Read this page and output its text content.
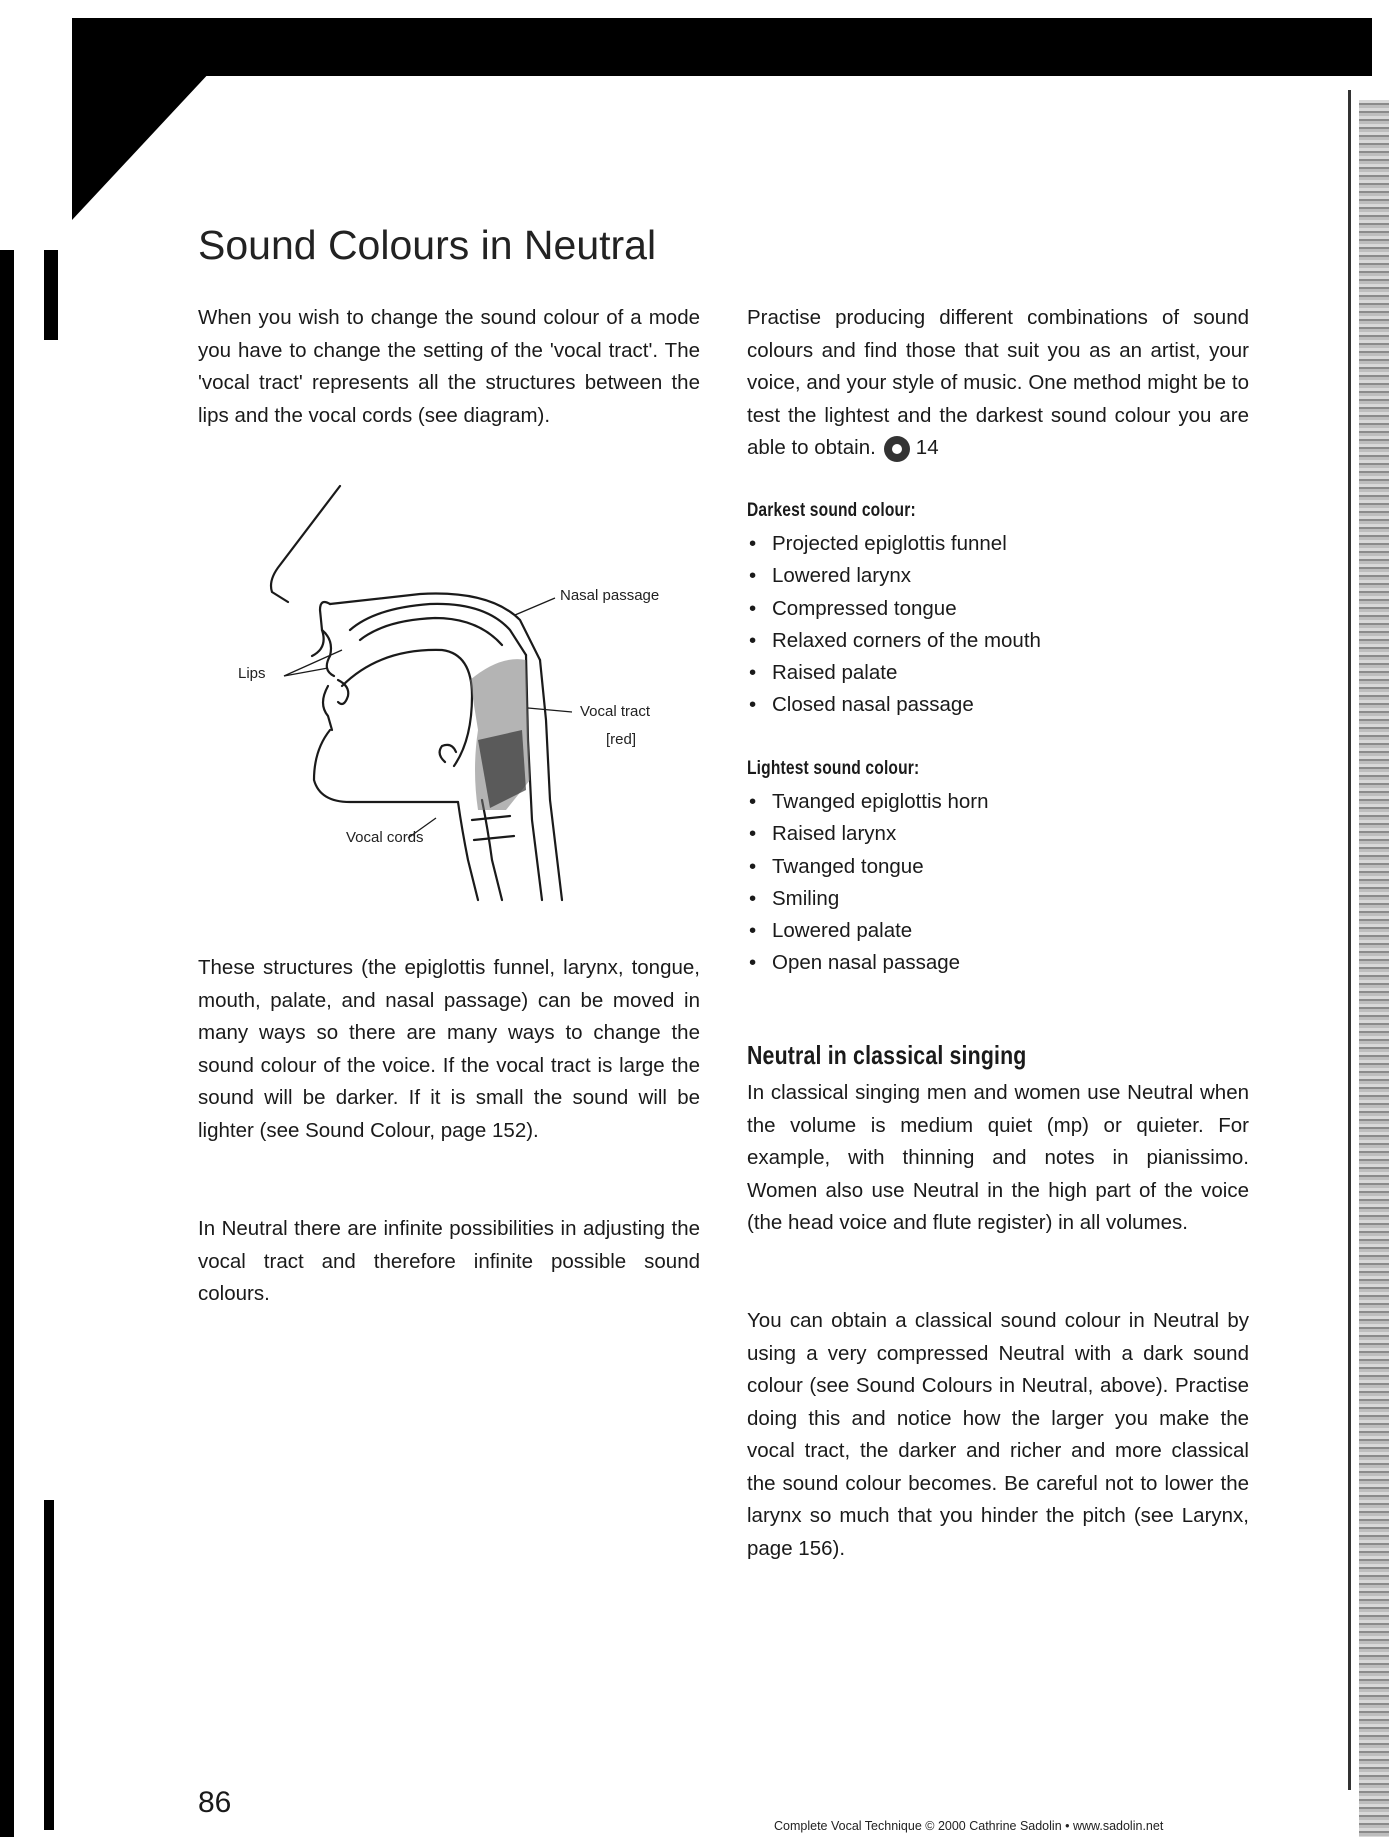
Sound Colours in Neutral

When you wish to change the sound colour of a mode you have to change the setting of the 'vocal tract'. The 'vocal tract' represents all the structures between the lips and the vocal cords (see diagram).

Nasal passage
Lips
Vocal tract
[red]
Vocal cords

These structures (the epiglottis funnel, larynx, tongue, mouth, palate, and nasal passage) can be moved in many ways so there are many ways to change the sound colour of the voice. If the vocal tract is large the sound will be darker. If it is small the sound will be lighter (see Sound Colour, page 152).

In Neutral there are infinite possibilities in adjusting the vocal tract and therefore infinite possible sound colours.

Practise producing different combinations of sound colours and find those that suit you as an artist, your voice, and your style of music. One method might be to test the lightest and the darkest sound colour you are able to obtain. 14

Darkest sound colour:
• Projected epiglottis funnel
• Lowered larynx
• Compressed tongue
• Relaxed corners of the mouth
• Raised palate
• Closed nasal passage
Lightest sound colour:
• Twanged epiglottis horn
• Raised larynx
• Twanged tongue
• Smiling
• Lowered palate
• Open nasal passage
Neutral in classical singing

In classical singing men and women use Neutral when the volume is medium quiet (mp) or quieter. For example, with thinning and notes in pianissimo. Women also use Neutral in the high part of the voice (the head voice and flute register) in all volumes.

You can obtain a classical sound colour in Neutral by using a very compressed Neutral with a dark sound colour (see Sound Colours in Neutral, above). Practise doing this and notice how the larger you make the vocal tract, the darker and richer and more classical the sound colour becomes. Be careful not to lower the larynx so much that you hinder the pitch (see Larynx, page 156).

86

Complete Vocal Technique © 2000 Cathrine Sadolin • www.sadolin.net
